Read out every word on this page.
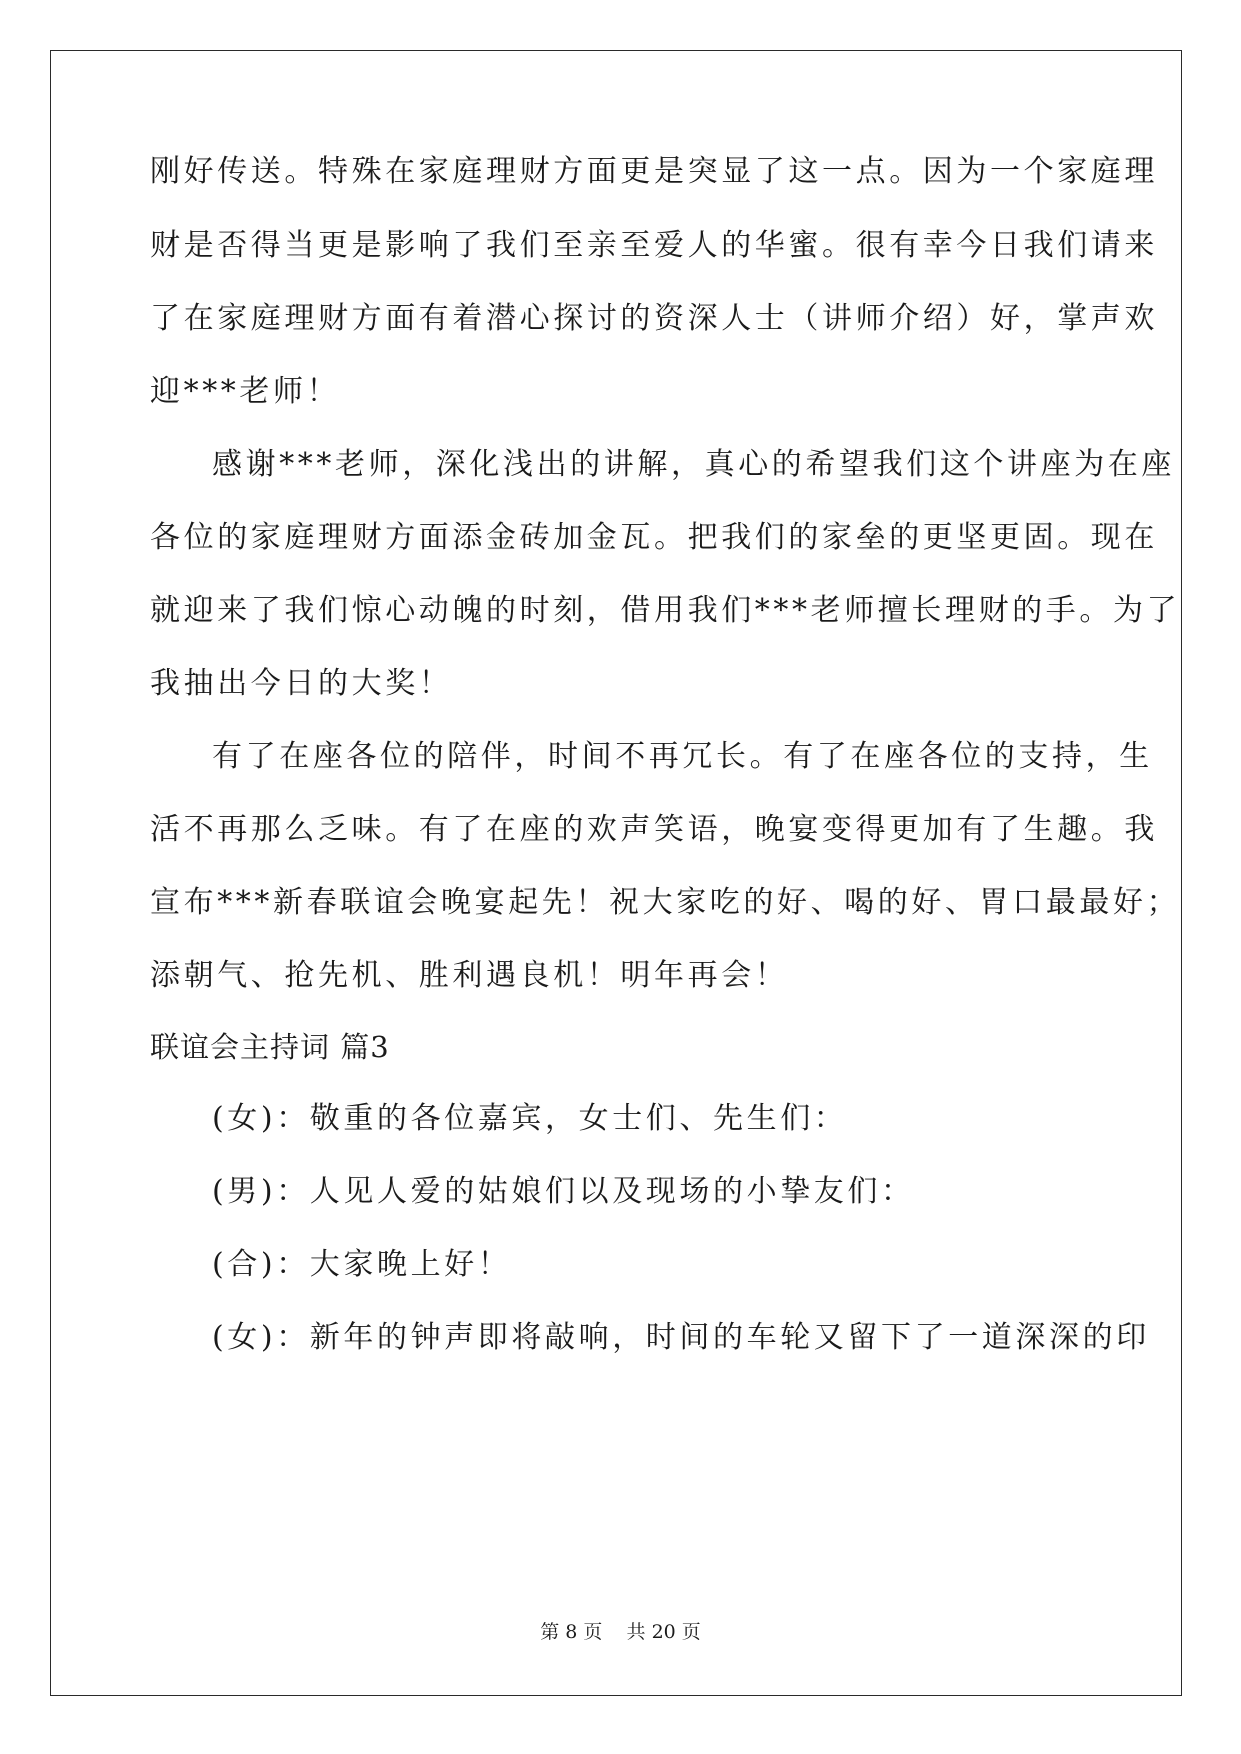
刚好传送。特殊在家庭理财方面更是突显了这一点。因为一个家庭理
财是否得当更是影响了我们至亲至爱人的华蜜。很有幸今日我们请来
了在家庭理财方面有着潜心探讨的资深人士（讲师介绍）好，掌声欢
迎***老师！
感谢***老师，深化浅出的讲解，真心的希望我们这个讲座为在座
各位的家庭理财方面添金砖加金瓦。把我们的家垒的更坚更固。现在
就迎来了我们惊心动魄的时刻，借用我们***老师擅长理财的手。为了
我抽出今日的大奖！
有了在座各位的陪伴，时间不再冗长。有了在座各位的支持，生
活不再那么乏味。有了在座的欢声笑语，晚宴变得更加有了生趣。我
宣布***新春联谊会晚宴起先！祝大家吃的好、喝的好、胃口最最好；
添朝气、抢先机、胜利遇良机！明年再会！
联谊会主持词 篇3
(女)：敬重的各位嘉宾，女士们、先生们：
(男)：人见人爱的姑娘们以及现场的小挚友们：
(合)：大家晚上好！
(女)：新年的钟声即将敲响，时间的车轮又留下了一道深深的印
第 8 页    共 20 页
